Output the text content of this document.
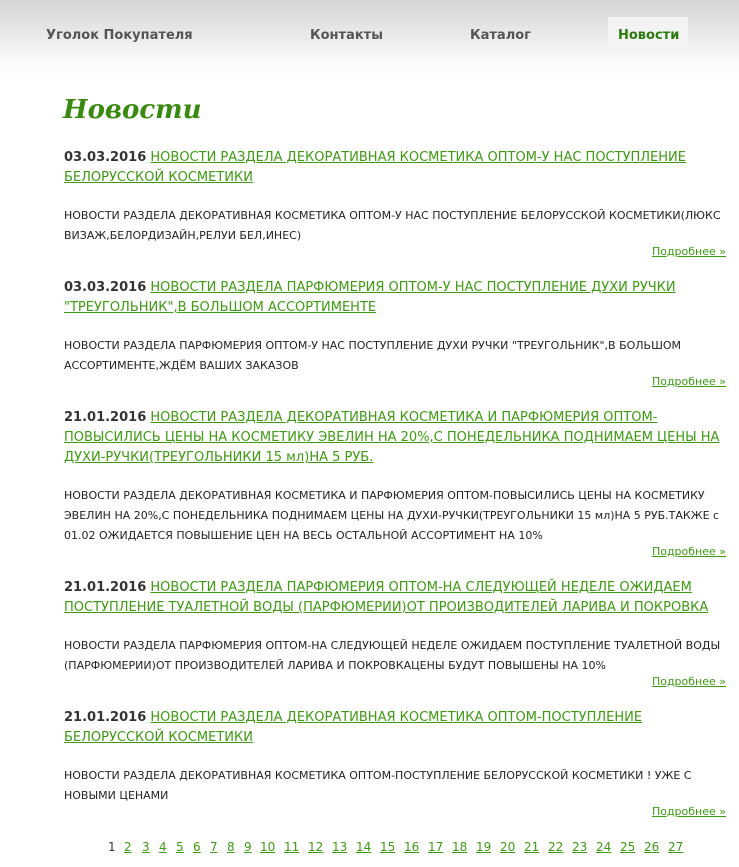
Уголок Покупателя	Контакты	Каталог	Новости
Новости

03.03.2016 НОВОСТИ РАЗДЕЛА ДЕКОРАТИВНАЯ КОСМЕТИКА ОПТОМ-У НАС ПОСТУПЛЕНИЕ БЕЛОРУССКОЙ КОСМЕТИКИ

НОВОСТИ РАЗДЕЛА ДЕКОРАТИВНАЯ КОСМЕТИКА ОПТОМ-У НАС ПОСТУПЛЕНИЕ БЕЛОРУССКОЙ КОСМЕТИКИ(ЛЮКС ВИЗАЖ,БЕЛОРДИЗАЙН,РЕЛУИ БЕЛ,ИНЕС)

Подробнее »

03.03.2016 НОВОСТИ РАЗДЕЛА ПАРФЮМЕРИЯ ОПТОМ-У НАС ПОСТУПЛЕНИЕ ДУХИ РУЧКИ "ТРЕУГОЛЬНИК",В БОЛЬШОМ АССОРТИМЕНТЕ

НОВОСТИ РАЗДЕЛА ПАРФЮМЕРИЯ ОПТОМ-У НАС ПОСТУПЛЕНИЕ ДУХИ РУЧКИ "ТРЕУГОЛЬНИК",В БОЛЬШОМ АССОРТИМЕНТЕ,ЖДЁМ ВАШИХ ЗАКАЗОВ

Подробнее »

21.01.2016 НОВОСТИ РАЗДЕЛА ДЕКОРАТИВНАЯ КОСМЕТИКА И ПАРФЮМЕРИЯ ОПТОМ-ПОВЫСИЛИСЬ ЦЕНЫ НА КОСМЕТИКУ ЭВЕЛИН НА 20%,С ПОНЕДЕЛЬНИКА ПОДНИМАЕМ ЦЕНЫ НА ДУХИ-РУЧКИ(ТРЕУГОЛЬНИКИ 15 мл)НА 5 РУБ.

НОВОСТИ РАЗДЕЛА ДЕКОРАТИВНАЯ КОСМЕТИКА И ПАРФЮМЕРИЯ ОПТОМ-ПОВЫСИЛИСЬ ЦЕНЫ НА КОСМЕТИКУ ЭВЕЛИН НА 20%,С ПОНЕДЕЛЬНИКА ПОДНИМАЕМ ЦЕНЫ НА ДУХИ-РУЧКИ(ТРЕУГОЛЬНИКИ 15 мл)НА 5 РУБ.ТАКЖЕ с 01.02 ОЖИДАЕТСЯ ПОВЫШЕНИЕ ЦЕН НА ВЕСЬ ОСТАЛЬНОЙ АССОРТИМЕНТ НА 10%

Подробнее »

21.01.2016 НОВОСТИ РАЗДЕЛА ПАРФЮМЕРИЯ ОПТОМ-НА СЛЕДУЮЩЕЙ НЕДЕЛЕ ОЖИДАЕМ ПОСТУПЛЕНИЕ ТУАЛЕТНОЙ ВОДЫ (ПАРФЮМЕРИИ)ОТ ПРОИЗВОДИТЕЛЕЙ ЛАРИВА И ПОКРОВКА

НОВОСТИ РАЗДЕЛА ПАРФЮМЕРИЯ ОПТОМ-НА СЛЕДУЮЩЕЙ НЕДЕЛЕ ОЖИДАЕМ ПОСТУПЛЕНИЕ ТУАЛЕТНОЙ ВОДЫ (ПАРФЮМЕРИИ)ОТ ПРОИЗВОДИТЕЛЕЙ ЛАРИВА И ПОКРОВКАЦЕНЫ БУДУТ ПОВЫШЕНЫ НА 10%

Подробнее »

21.01.2016 НОВОСТИ РАЗДЕЛА ДЕКОРАТИВНАЯ КОСМЕТИКА ОПТОМ-ПОСТУПЛЕНИЕ БЕЛОРУССКОЙ КОСМЕТИКИ

НОВОСТИ РАЗДЕЛА ДЕКОРАТИВНАЯ КОСМЕТИКА ОПТОМ-ПОСТУПЛЕНИЕ БЕЛОРУССКОЙ КОСМЕТИКИ ! УЖЕ С НОВЫМИ ЦЕНАМИ

Подробнее »
1 2 3 4 5 6 7 8 9 10 11 12 13 14 15 16 17 18 19 20 21 22 23 24 25 26 27
